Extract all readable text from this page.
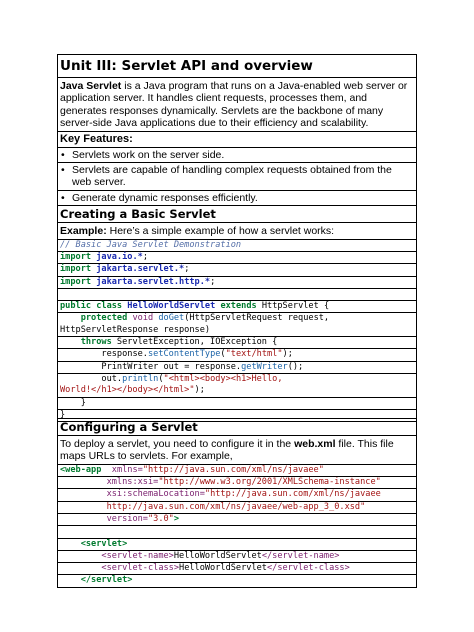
Unit III: Servlet API and overview
Java Servlet is a Java program that runs on a Java-enabled web server or application server. It handles client requests, processes them, and generates responses dynamically. Servlets are the backbone of many server-side Java applications due to their efficiency and scalability.
Key Features:
• Servlets work on the server side.
• Servlets are capable of handling complex requests obtained from the web server.
• Generate dynamic responses efficiently.
Creating a Basic Servlet
Example: Here’s a simple example of how a servlet works:
// Basic Java Servlet Demonstration
import java.io.*;
import jakarta.servlet.*;
import jakarta.servlet.http.*;
public class HelloWorldServlet extends HttpServlet {
protected void doGet(HttpServletRequest request,
HttpServletResponse response)
throws ServletException, IOException {
response.setContentType("text/html");
PrintWriter out = response.getWriter();
out.println("<html><body><h1>Hello,
World!</h1></body></html>");
}
}
Configuring a Servlet
To deploy a servlet, you need to configure it in the web.xml file. This file maps URLs to servlets. For example,
<web-app xmlns="http://java.sun.com/xml/ns/javaee"
xmlns:xsi="http://www.w3.org/2001/XMLSchema-instance"
xsi:schemaLocation="http://java.sun.com/xml/ns/javaee
http://java.sun.com/xml/ns/javaee/web-app_3_0.xsd"
version="3.0">
<servlet>
<servlet-name>HelloWorldServlet</servlet-name>
<servlet-class>HelloWorldServlet</servlet-class>
</servlet>
